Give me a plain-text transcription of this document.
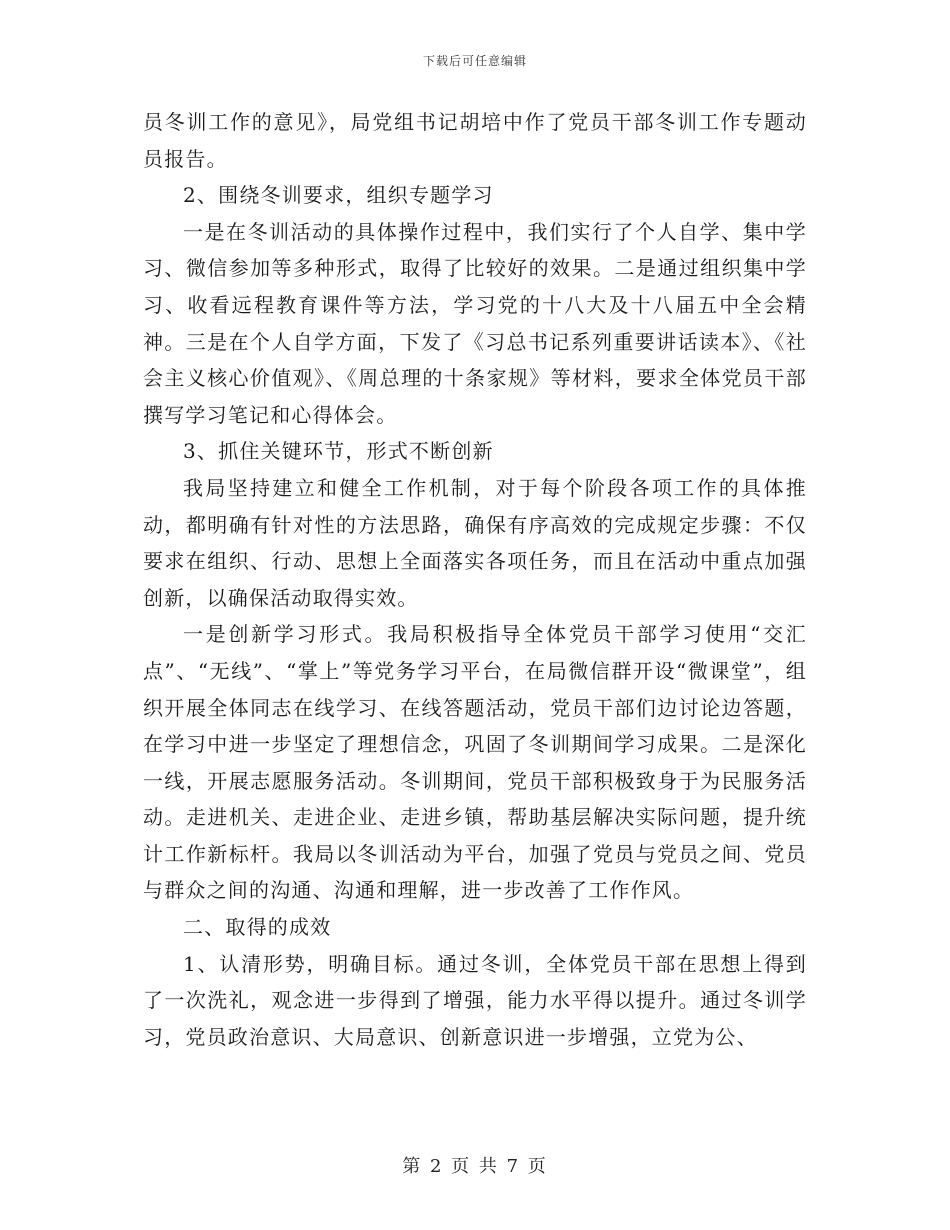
下载后可任意编辑

员冬训工作的意见》，局党组书记胡培中作了党员干部冬训工作专题动员报告。

2、围绕冬训要求，组织专题学习

一是在冬训活动的具体操作过程中，我们实行了个人自学、集中学习、微信参加等多种形式，取得了比较好的效果。二是通过组织集中学习、收看远程教育课件等方法，学习党的十八大及十八届五中全会精神。三是在个人自学方面，下发了《习总书记系列重要讲话读本》、《社会主义核心价值观》、《周总理的十条家规》等材料，要求全体党员干部撰写学习笔记和心得体会。

3、抓住关键环节，形式不断创新

我局坚持建立和健全工作机制，对于每个阶段各项工作的具体推动，都明确有针对性的方法思路，确保有序高效的完成规定步骤：不仅要求在组织、行动、思想上全面落实各项任务，而且在活动中重点加强创新，以确保活动取得实效。

一是创新学习形式。我局积极指导全体党员干部学习使用“交汇点”、“无线”、“掌上”等党务学习平台，在局微信群开设“微课堂”，组织开展全体同志在线学习、在线答题活动，党员干部们边讨论边答题，在学习中进一步坚定了理想信念，巩固了冬训期间学习成果。二是深化一线，开展志愿服务活动。冬训期间，党员干部积极致身于为民服务活动。走进机关、走进企业、走进乡镇，帮助基层解决实际问题，提升统计工作新标杆。我局以冬训活动为平台，加强了党员与党员之间、党员与群众之间的沟通、沟通和理解，进一步改善了工作作风。

二、取得的成效

1、认清形势，明确目标。通过冬训，全体党员干部在思想上得到了一次洗礼，观念进一步得到了增强，能力水平得以提升。通过冬训学习，党员政治意识、大局意识、创新意识进一步增强，立党为公、

第 2 页 共 7 页
